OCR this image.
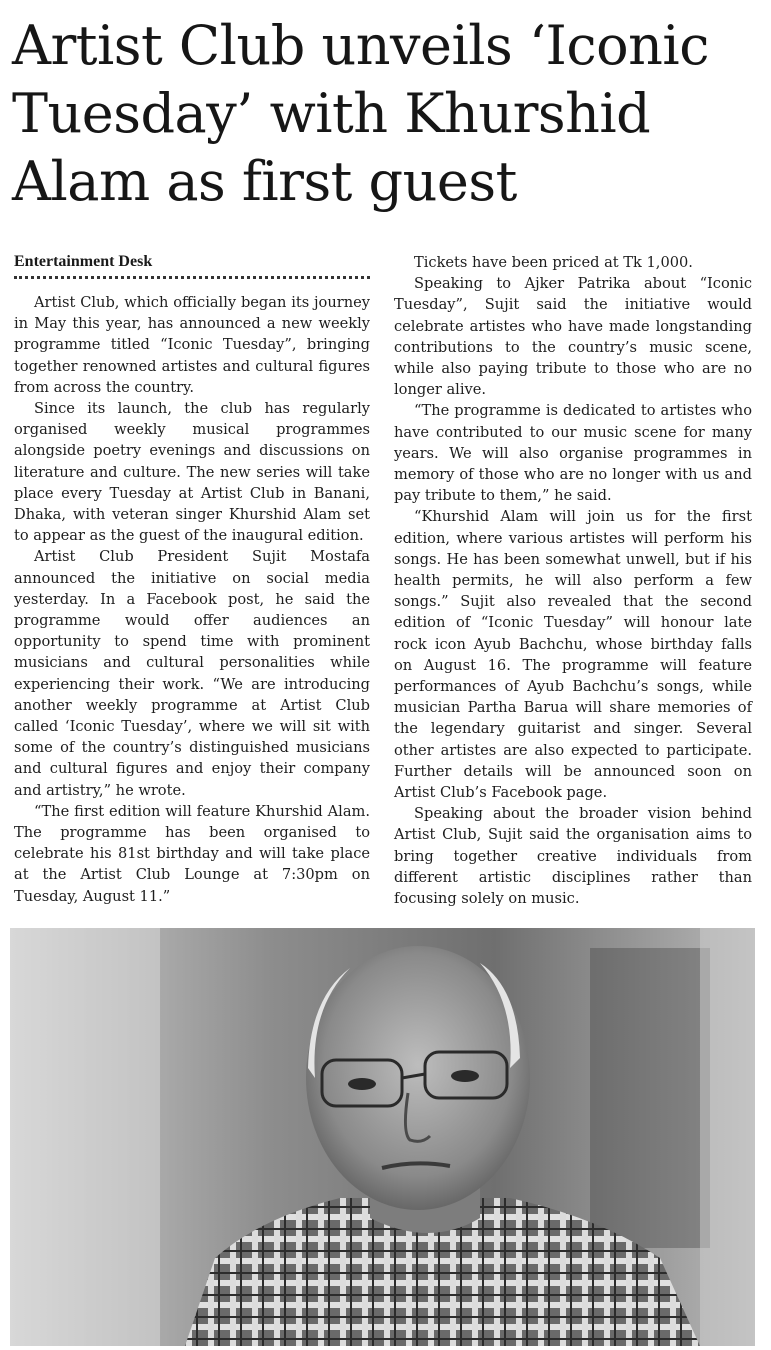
Artist Club unveils ‘Iconic Tuesday’ with Khurshid Alam as first guest
Entertainment Desk

Artist Club, which officially began its journey in May this year, has announced a new weekly programme titled “Iconic Tuesday”, bringing together renowned artistes and cultural figures from across the country.

Since its launch, the club has regularly organised weekly musical programmes alongside poetry evenings and discussions on literature and culture. The new series will take place every Tuesday at Artist Club in Banani, Dhaka, with veteran singer Khurshid Alam set to appear as the guest of the inaugural edition.

Artist Club President Sujit Mostafa announced the initiative on social media yesterday. In a Facebook post, he said the programme would offer audiences an opportunity to spend time with prominent musicians and cultural personalities while experiencing their work. “We are introducing another weekly programme at Artist Club called ‘Iconic Tuesday’, where we will sit with some of the country’s distinguished musicians and cultural figures and enjoy their company and artistry,” he wrote.

“The first edition will feature Khurshid Alam. The programme has been organised to celebrate his 81st birthday and will take place at the Artist Club Lounge at 7:30pm on Tuesday, August 11.”

Tickets have been priced at Tk 1,000.

Speaking to Ajker Patrika about “Iconic Tuesday”, Sujit said the initiative would celebrate artistes who have made longstanding contributions to the country’s music scene, while also paying tribute to those who are no longer alive.

“The programme is dedicated to artistes who have contributed to our music scene for many years. We will also organise programmes in memory of those who are no longer with us and pay tribute to them,” he said.

“Khurshid Alam will join us for the first edition, where various artistes will perform his songs. He has been somewhat unwell, but if his health permits, he will also perform a few songs.” Sujit also revealed that the second edition of “Iconic Tuesday” will honour late rock icon Ayub Bachchu, whose birthday falls on August 16. The programme will feature performances of Ayub Bachchu’s songs, while musician Partha Barua will share memories of the legendary guitarist and singer. Several other artistes are also expected to participate. Further details will be announced soon on Artist Club’s Facebook page.

Speaking about the broader vision behind Artist Club, Sujit said the organisation aims to bring together creative individuals from different artistic disciplines rather than focusing solely on music.
